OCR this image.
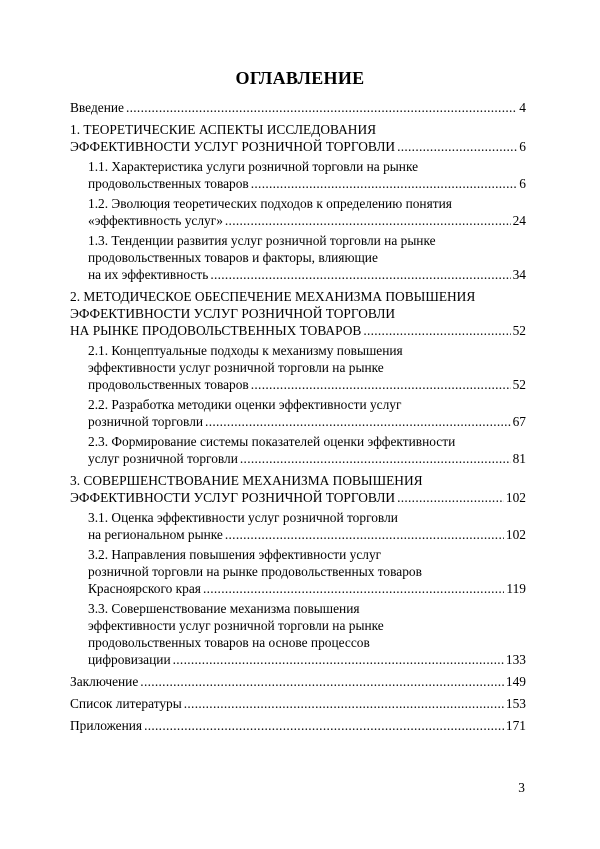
ОГЛАВЛЕНИЕ
Введение .....	4
1. ТЕОРЕТИЧЕСКИЕ АСПЕКТЫ ИССЛЕДОВАНИЯ
ЭФФЕКТИВНОСТИ УСЛУГ РОЗНИЧНОЙ ТОРГОВЛИ .....	6
1.1. Характеристика услуги розничной торговли на рынке
продовольственных товаров .....	6
1.2. Эволюция теоретических подходов к определению понятия
«эффективность услуг» .....	24
1.3. Тенденции развития услуг розничной торговли на рынке
продовольственных товаров и факторы, влияющие
на их эффективность .....	34
2. МЕТОДИЧЕСКОЕ ОБЕСПЕЧЕНИЕ МЕХАНИЗМА ПОВЫШЕНИЯ
ЭФФЕКТИВНОСТИ УСЛУГ РОЗНИЧНОЙ ТОРГОВЛИ
НА РЫНКЕ ПРОДОВОЛЬСТВЕННЫХ ТОВАРОВ .....	52
2.1. Концептуальные подходы к механизму повышения
эффективности услуг розничной торговли на рынке
продовольственных товаров .....	52
2.2. Разработка методики оценки эффективности услуг
розничной торговли .....	67
2.3. Формирование системы показателей оценки эффективности
услуг розничной торговли .....	81
3. СОВЕРШЕНСТВОВАНИЕ МЕХАНИЗМА ПОВЫШЕНИЯ
ЭФФЕКТИВНОСТИ УСЛУГ РОЗНИЧНОЙ ТОРГОВЛИ .....	102
3.1. Оценка эффективности услуг розничной торговли
на региональном рынке .....	102
3.2. Направления повышения эффективности услуг
розничной торговли на рынке продовольственных товаров
Красноярского края .....	119
3.3. Совершенствование механизма повышения
эффективности услуг розничной торговли на рынке
продовольственных товаров на основе процессов
цифровизации .....	133
Заключение .....	149
Список литературы .....	153
Приложения .....	171
3
